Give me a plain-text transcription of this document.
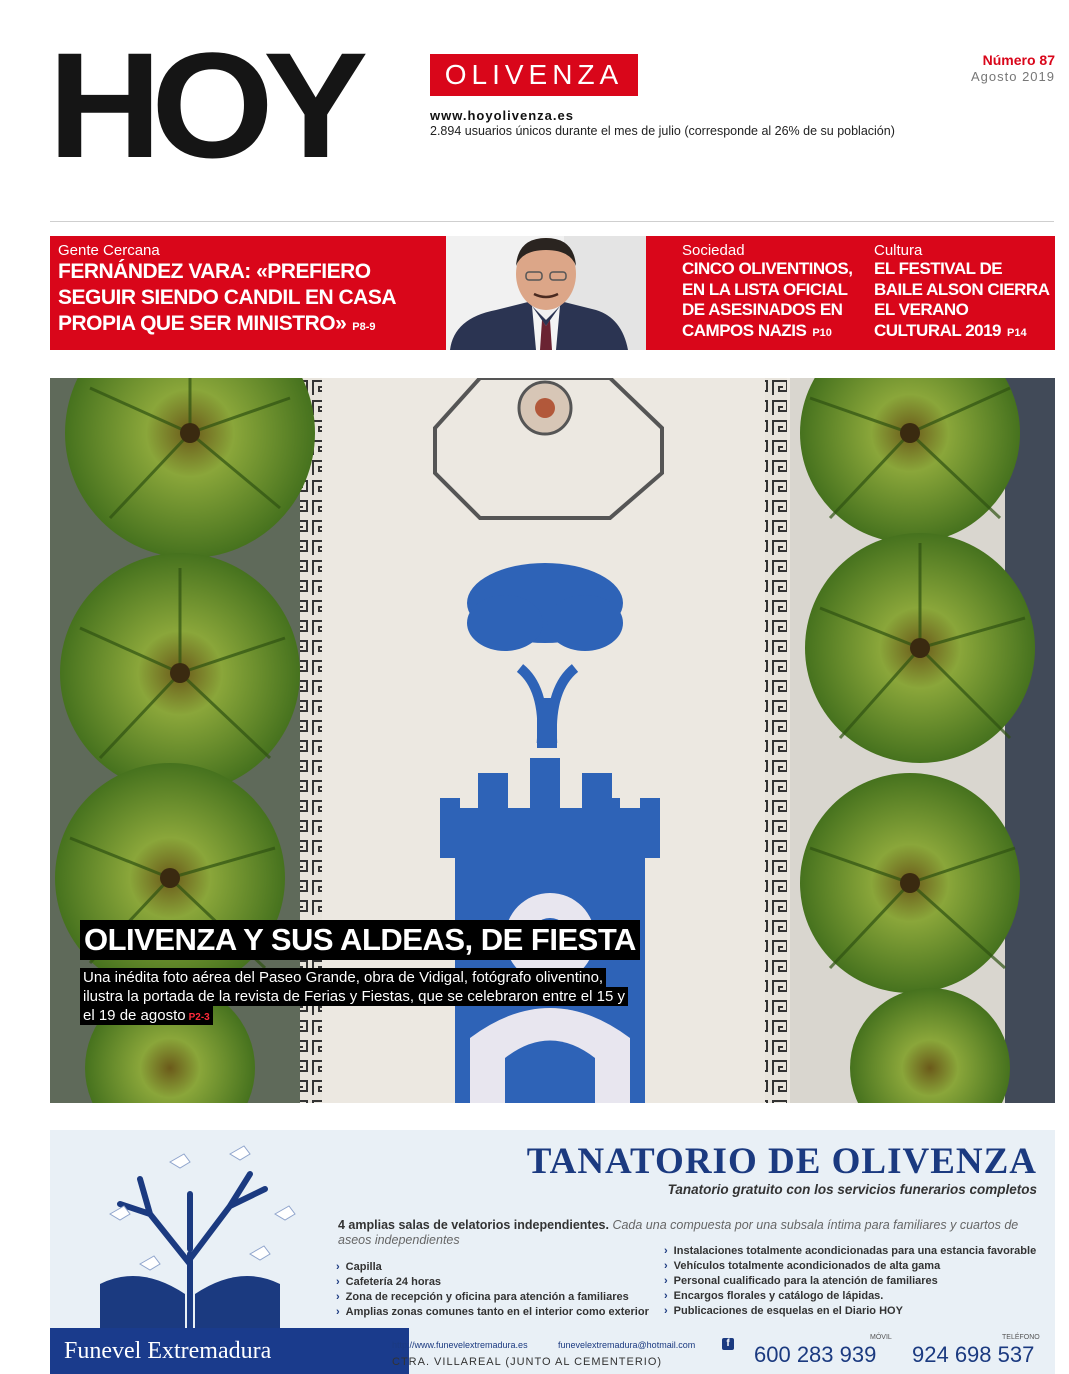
HOY	OLIVENZA
www.hoyolivenza.es
2.894 usuarios únicos durante el mes de julio (corresponde al 26% de su población)
Número 87
Agosto 2019
Gente Cercana
FERNÁNDEZ VARA: «PREFIERO SEGUIR SIENDO CANDIL EN CASA PROPIA QUE SER MINISTRO» P8-9
Sociedad
CINCO OLIVENTINOS, EN LA LISTA OFICIAL DE ASESINADOS EN CAMPOS NAZIS P10
Cultura
EL FESTIVAL DE BAILE ALSON CIERRA EL VERANO CULTURAL 2019 P14
OLIVENZA Y SUS ALDEAS, DE FIESTA
Una inédita foto aérea del Paseo Grande, obra de Vidigal, fotógrafo oliventino, ilustra la portada de la revista de Ferias y Fiestas, que se celebraron entre el 15 y el 19 de agosto P2-3
TANATORIO DE OLIVENZA
Tanatorio gratuito con los servicios funerarios completos
4 amplias salas de velatorios independientes. Cada una compuesta por una subsala íntima para familiares y cuartos de aseos independientes
› Capilla
› Cafetería 24 horas
› Zona de recepción y oficina para atención a familiares
› Amplias zonas comunes tanto en el interior como exterior
› Instalaciones totalmente acondicionadas para una estancia favorable
› Vehículos totalmente acondicionados de alta gama
› Personal cualificado para la atención de familiares
› Encargos florales y catálogo de lápidas.
› Publicaciones de esquelas en el Diario HOY
Funevel Extremadura	http://www.funevelextremadura.es	funevelextremadura@hotmail.com	f
CTRA. VILLAREAL (JUNTO AL CEMENTERIO)
MÓVIL	TELÉFONO
600 283 939 924 698 537
